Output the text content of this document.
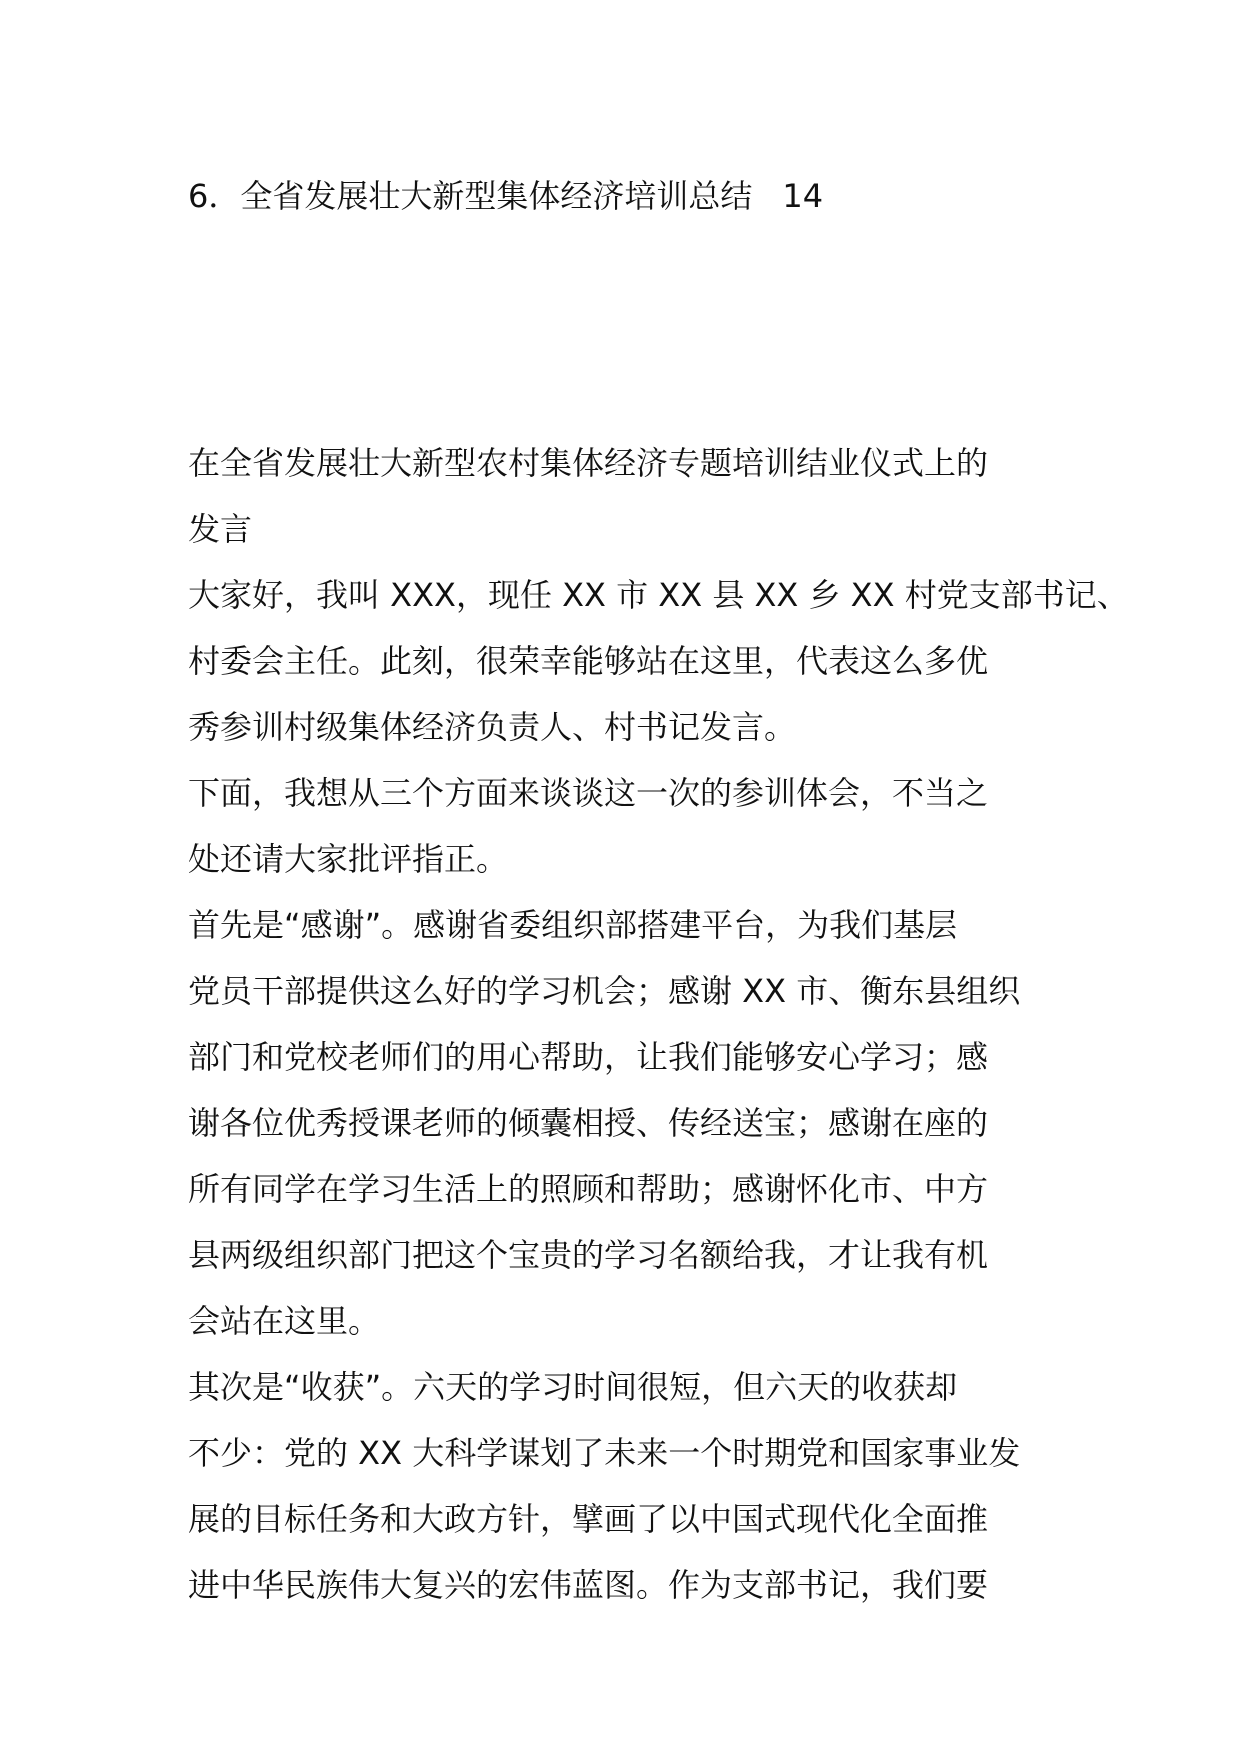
6．全省发展壮大新型集体经济培训总结 14
在全省发展壮大新型农村集体经济专题培训结业仪式上的
发言
大家好，我叫 XXX，现任 XX 市 XX 县 XX 乡 XX 村党支部书记、
村委会主任。此刻，很荣幸能够站在这里，代表这么多优
秀参训村级集体经济负责人、村书记发言。
下面，我想从三个方面来谈谈这一次的参训体会，不当之
处还请大家批评指正。
首先是“感谢”。感谢省委组织部搭建平台，为我们基层
党员干部提供这么好的学习机会；感谢 XX 市、衡东县组织
部门和党校老师们的用心帮助，让我们能够安心学习；感
谢各位优秀授课老师的倾囊相授、传经送宝；感谢在座的
所有同学在学习生活上的照顾和帮助；感谢怀化市、中方
县两级组织部门把这个宝贵的学习名额给我，才让我有机
会站在这里。
其次是“收获”。六天的学习时间很短，但六天的收获却
不少：党的 XX 大科学谋划了未来一个时期党和国家事业发
展的目标任务和大政方针，擘画了以中国式现代化全面推
进中华民族伟大复兴的宏伟蓝图。作为支部书记，我们要
